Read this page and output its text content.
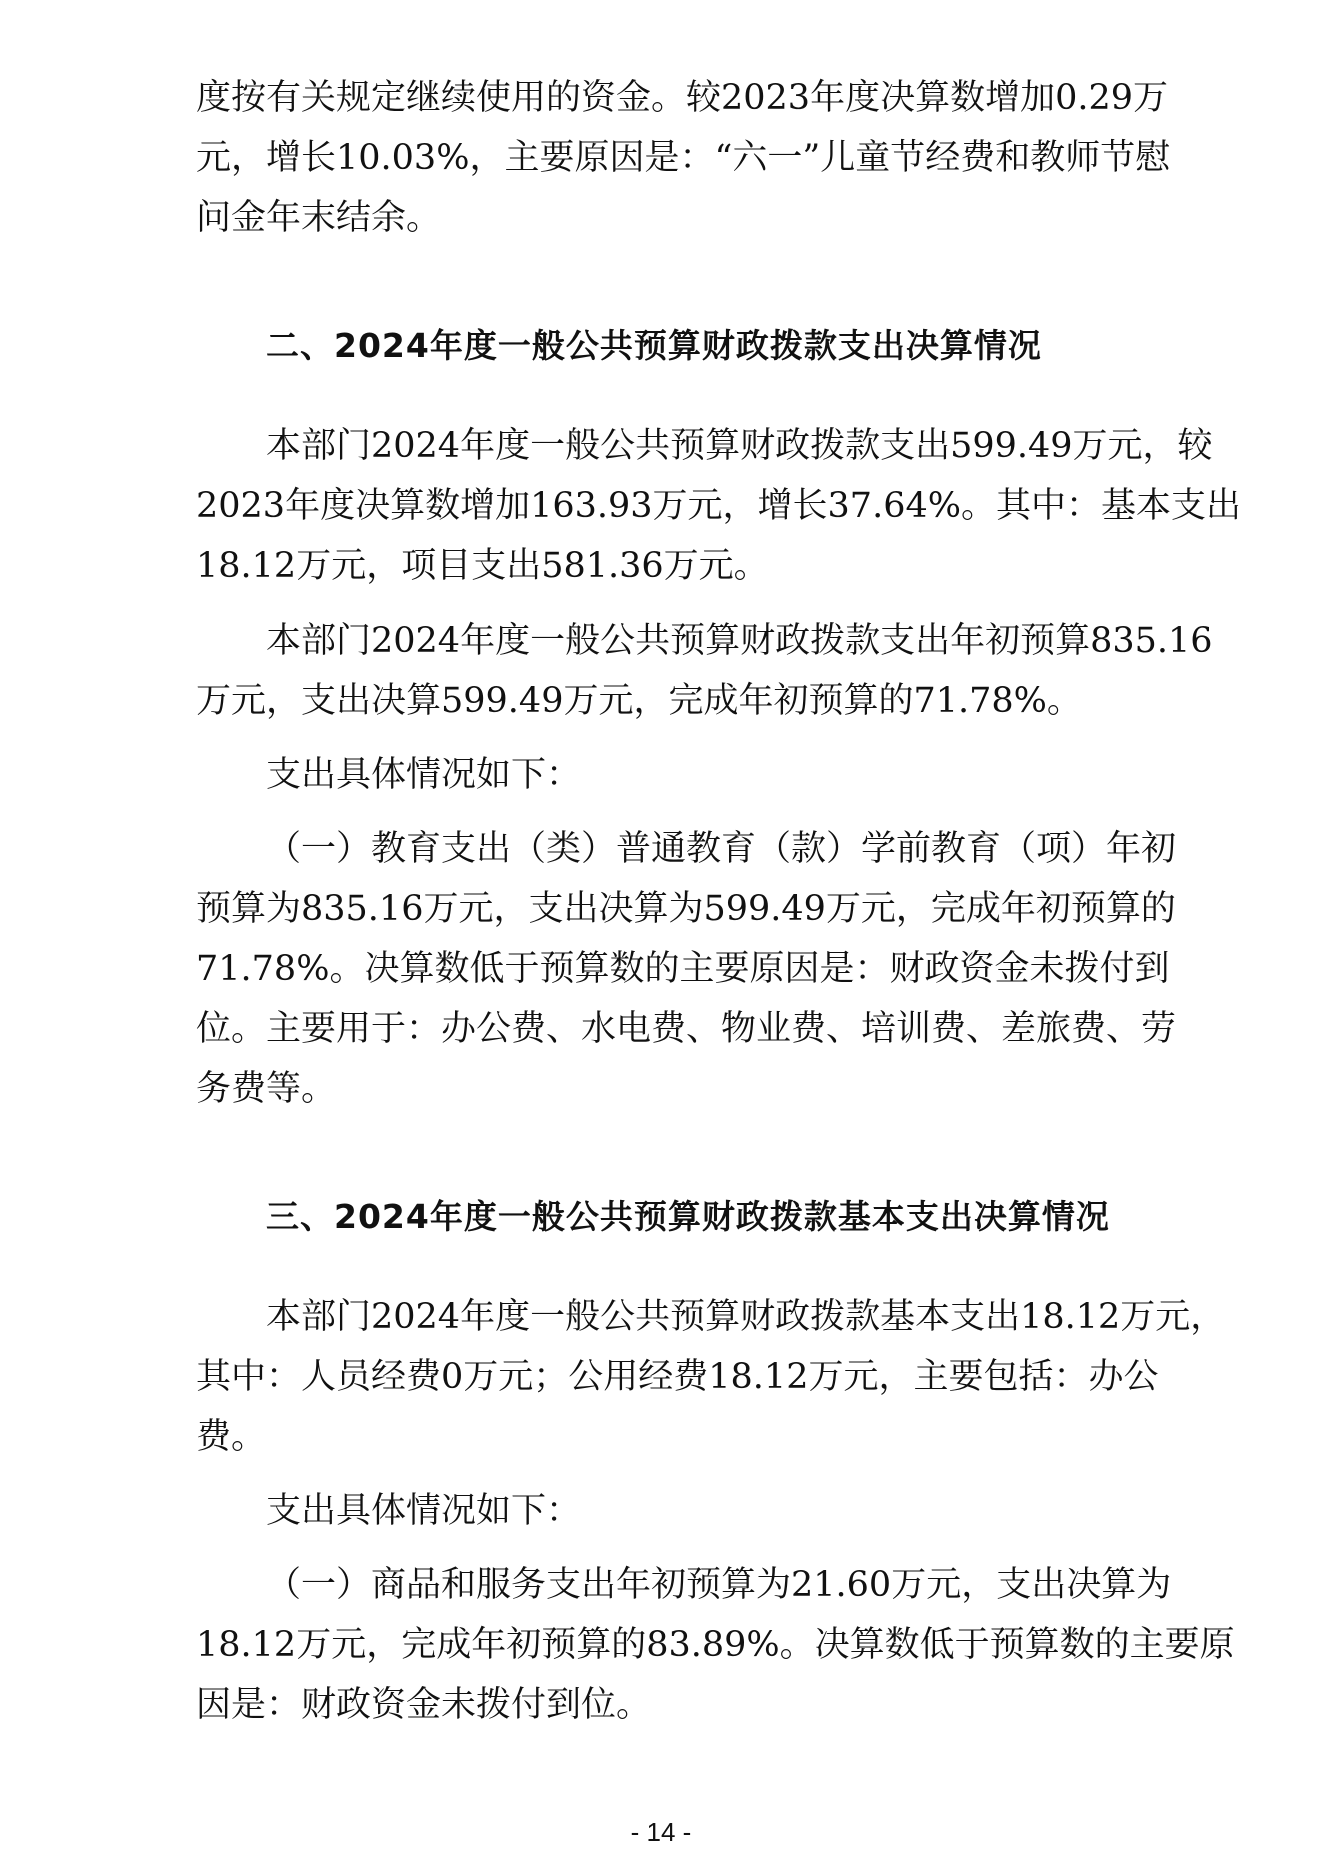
度按有关规定继续使用的资金。较2023年度决算数增加0.29万

元，增长10.03%，主要原因是：“六一”儿童节经费和教师节慰

问金年末结余。

二、2024年度一般公共预算财政拨款支出决算情况

本部门2024年度一般公共预算财政拨款支出599.49万元，较

2023年度决算数增加163.93万元，增长37.64%。其中：基本支出

18.12万元，项目支出581.36万元。

本部门2024年度一般公共预算财政拨款支出年初预算835.16

万元，支出决算599.49万元，完成年初预算的71.78%。

支出具体情况如下：

（一）教育支出（类）普通教育（款）学前教育（项）年初

预算为835.16万元，支出决算为599.49万元，完成年初预算的

71.78%。决算数低于预算数的主要原因是：财政资金未拨付到

位。主要用于：办公费、水电费、物业费、培训费、差旅费、劳

务费等。

三、2024年度一般公共预算财政拨款基本支出决算情况

本部门2024年度一般公共预算财政拨款基本支出18.12万元，

其中：人员经费0万元；公用经费18.12万元，主要包括：办公

费。

支出具体情况如下：

（一）商品和服务支出年初预算为21.60万元，支出决算为

18.12万元，完成年初预算的83.89%。决算数低于预算数的主要原

因是：财政资金未拨付到位。

- 14 -
